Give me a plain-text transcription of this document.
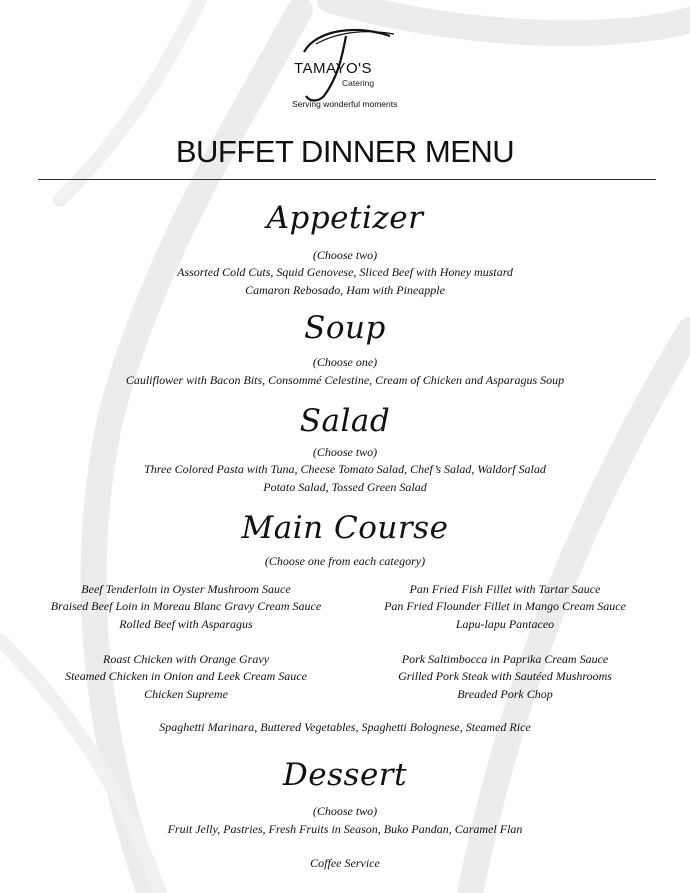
TAMAYO'S
Catering
Serving wonderful moments
BUFFET DINNER MENU
Appetizer
(Choose two)
Assorted Cold Cuts, Squid Genovese, Sliced Beef with Honey mustard
Camaron Rebosado, Ham with Pineapple
Soup
(Choose one)
Cauliflower with Bacon Bits, Consommé Celestine, Cream of Chicken and Asparagus Soup
Salad
(Choose two)
Three Colored Pasta with Tuna, Cheese Tomato Salad, Chef’s Salad, Waldorf Salad
Potato Salad, Tossed Green Salad
Main Course
(Choose one from each category)
Beef Tenderloin in Oyster Mushroom Sauce
Braised Beef Loin in Moreau Blanc Gravy Cream Sauce
Rolled Beef with Asparagus
Pan Fried Fish Fillet with Tartar Sauce
Pan Fried Flounder Fillet in Mango Cream Sauce
Lapu-lapu Pantaceo
Roast Chicken with Orange Gravy
Steamed Chicken in Onion and Leek Cream Sauce
Chicken Supreme
Pork Saltimbocca in Paprika Cream Sauce
Grilled Pork Steak with Sautéed Mushrooms
Breaded Pork Chop
Spaghetti Marinara, Buttered Vegetables, Spaghetti Bolognese, Steamed Rice
Dessert
(Choose two)
Fruit Jelly, Pastries, Fresh Fruits in Season, Buko Pandan, Caramel Flan
Coffee Service
